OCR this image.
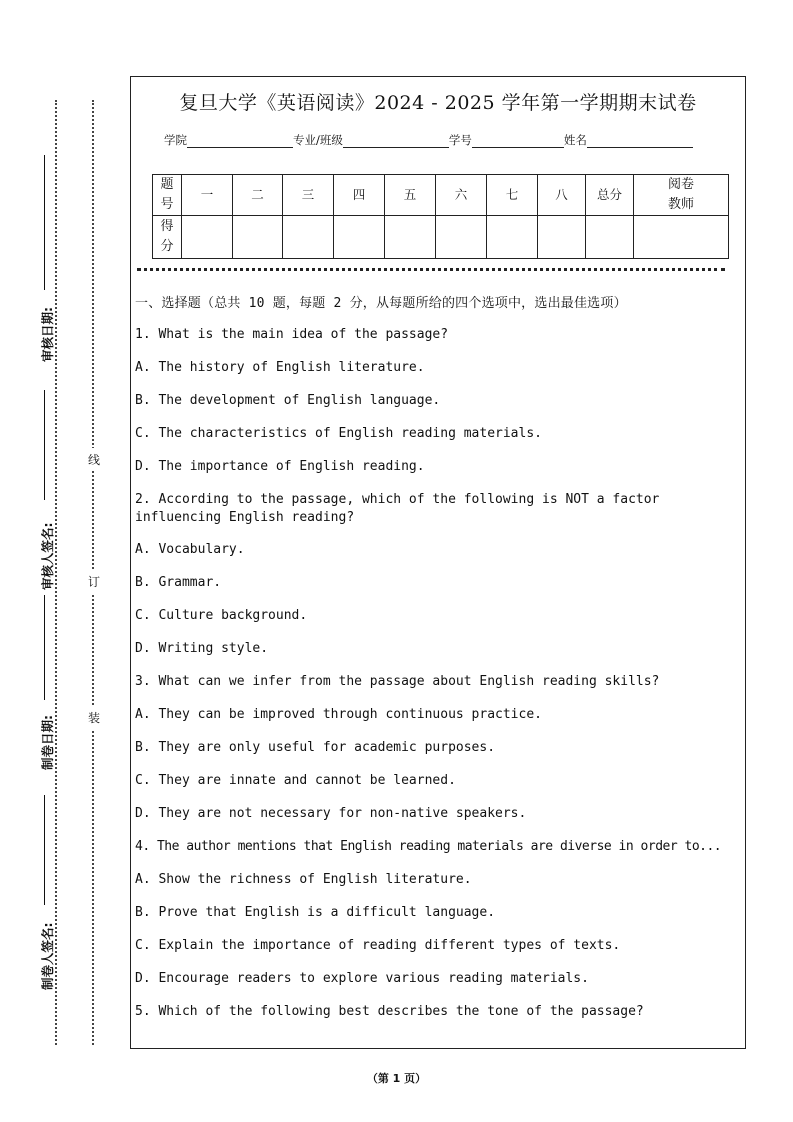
审核日期:
审核人签名:
制卷日期:
制卷人签名:
线
订
装
复旦大学《英语阅读》2024 - 2025 学年第一学期期末试卷
学院	专业/班级	学号	姓名
题号	一	二	三	四	五	六	七	八	总分	阅卷教师
得分										
一、选择题（总共 10 题，每题 2 分，从每题所给的四个选项中，选出最佳选项）
1. What is the main idea of the passage?
A. The history of English literature.
B. The development of English language.
C. The characteristics of English reading materials.
D. The importance of English reading.
2. According to the passage, which of the following is NOT a factor influencing English reading?
A. Vocabulary.
B. Grammar.
C. Culture background.
D. Writing style.
3. What can we infer from the passage about English reading skills?
A. They can be improved through continuous practice.
B. They are only useful for academic purposes.
C. They are innate and cannot be learned.
D. They are not necessary for non-native speakers.
4. The author mentions that English reading materials are diverse in order to...
A. Show the richness of English literature.
B. Prove that English is a difficult language.
C. Explain the importance of reading different types of texts.
D. Encourage readers to explore various reading materials.
5. Which of the following best describes the tone of the passage?
（第 1 页）
